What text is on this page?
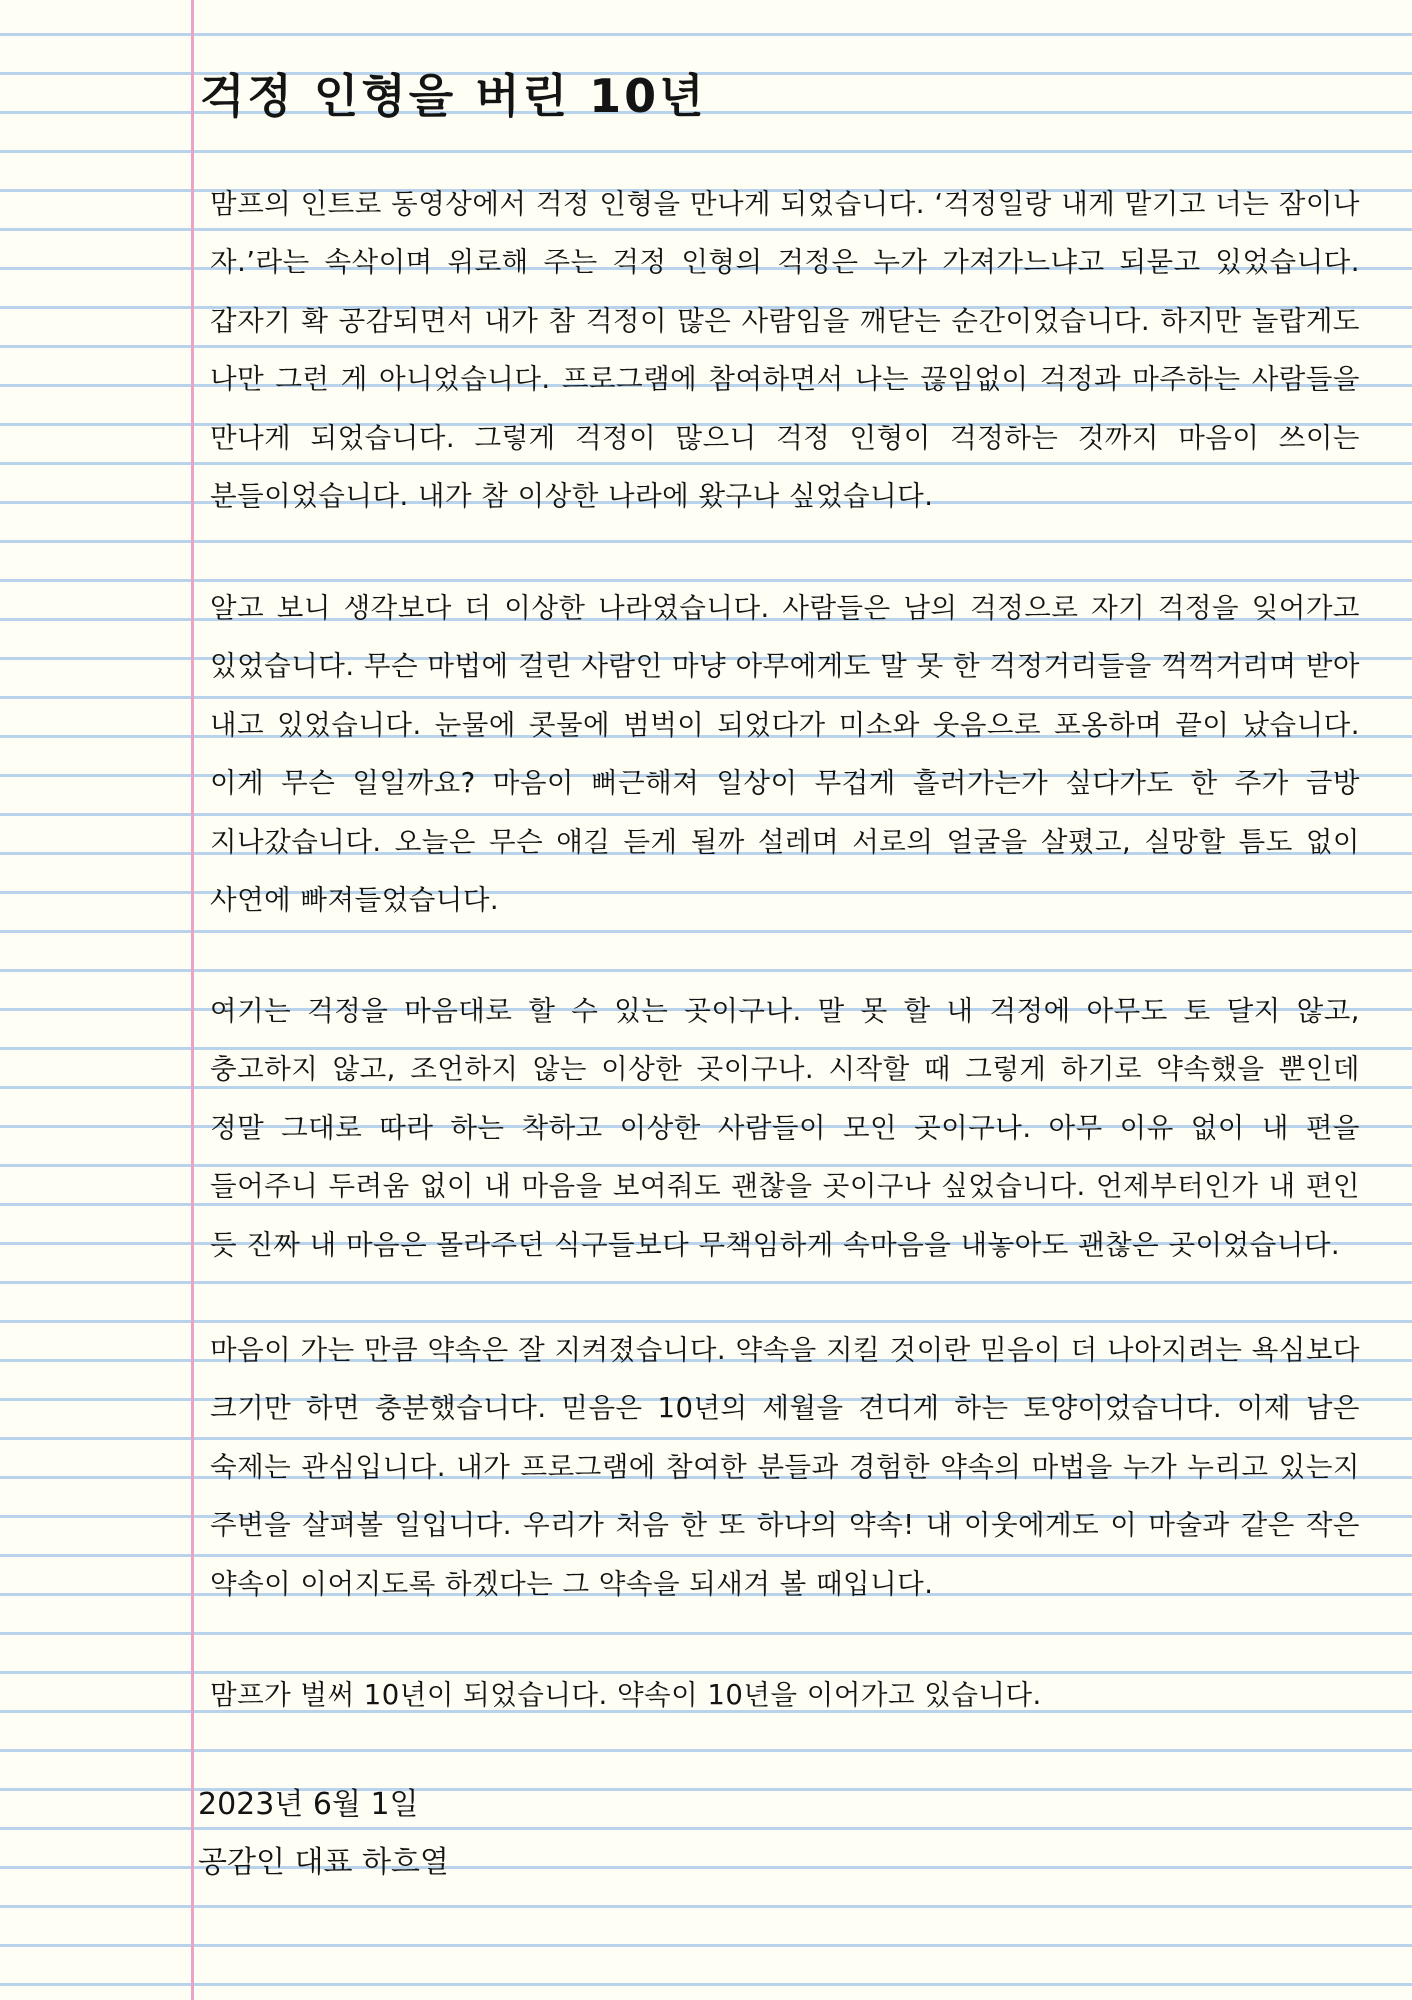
걱정 인형을 버린 10년

맘프의 인트로 동영상에서 걱정 인형을 만나게 되었습니다. ‘걱정일랑 내게 맡기고 너는 잠이나 자.’라는 속삭이며 위로해 주는 걱정 인형의 걱정은 누가 가져가느냐고 되묻고 있었습니다. 갑자기 확 공감되면서 내가 참 걱정이 많은 사람임을 깨닫는 순간이었습니다. 하지만 놀랍게도 나만 그런 게 아니었습니다. 프로그램에 참여하면서 나는 끊임없이 걱정과 마주하는 사람들을 만나게 되었습니다. 그렇게 걱정이 많으니 걱정 인형이 걱정하는 것까지 마음이 쓰이는 분들이었습니다. 내가 참 이상한 나라에 왔구나 싶었습니다.

알고 보니 생각보다 더 이상한 나라였습니다. 사람들은 남의 걱정으로 자기 걱정을 잊어가고 있었습니다. 무슨 마법에 걸린 사람인 마냥 아무에게도 말 못 한 걱정거리들을 꺽꺽거리며 받아 내고 있었습니다. 눈물에 콧물에 범벅이 되었다가 미소와 웃음으로 포옹하며 끝이 났습니다. 이게 무슨 일일까요? 마음이 뻐근해져 일상이 무겁게 흘러가는가 싶다가도 한 주가 금방 지나갔습니다. 오늘은 무슨 얘길 듣게 될까 설레며 서로의 얼굴을 살폈고, 실망할 틈도 없이 사연에 빠져들었습니다.

여기는 걱정을 마음대로 할 수 있는 곳이구나. 말 못 할 내 걱정에 아무도 토 달지 않고, 충고하지 않고, 조언하지 않는 이상한 곳이구나. 시작할 때 그렇게 하기로 약속했을 뿐인데 정말 그대로 따라 하는 착하고 이상한 사람들이 모인 곳이구나. 아무 이유 없이 내 편을 들어주니 두려움 없이 내 마음을 보여줘도 괜찮을 곳이구나 싶었습니다. 언제부터인가 내 편인 듯 진짜 내 마음은 몰라주던 식구들보다 무책임하게 속마음을 내놓아도 괜찮은 곳이었습니다.

마음이 가는 만큼 약속은 잘 지켜졌습니다. 약속을 지킬 것이란 믿음이 더 나아지려는 욕심보다 크기만 하면 충분했습니다. 믿음은 10년의 세월을 견디게 하는 토양이었습니다. 이제 남은 숙제는 관심입니다. 내가 프로그램에 참여한 분들과 경험한 약속의 마법을 누가 누리고 있는지 주변을 살펴볼 일입니다. 우리가 처음 한 또 하나의 약속! 내 이웃에게도 이 마술과 같은 작은 약속이 이어지도록 하겠다는 그 약속을 되새겨 볼 때입니다.

맘프가 벌써 10년이 되었습니다. 약속이 10년을 이어가고 있습니다.

2023년 6월 1일

공감인 대표 하흐열
